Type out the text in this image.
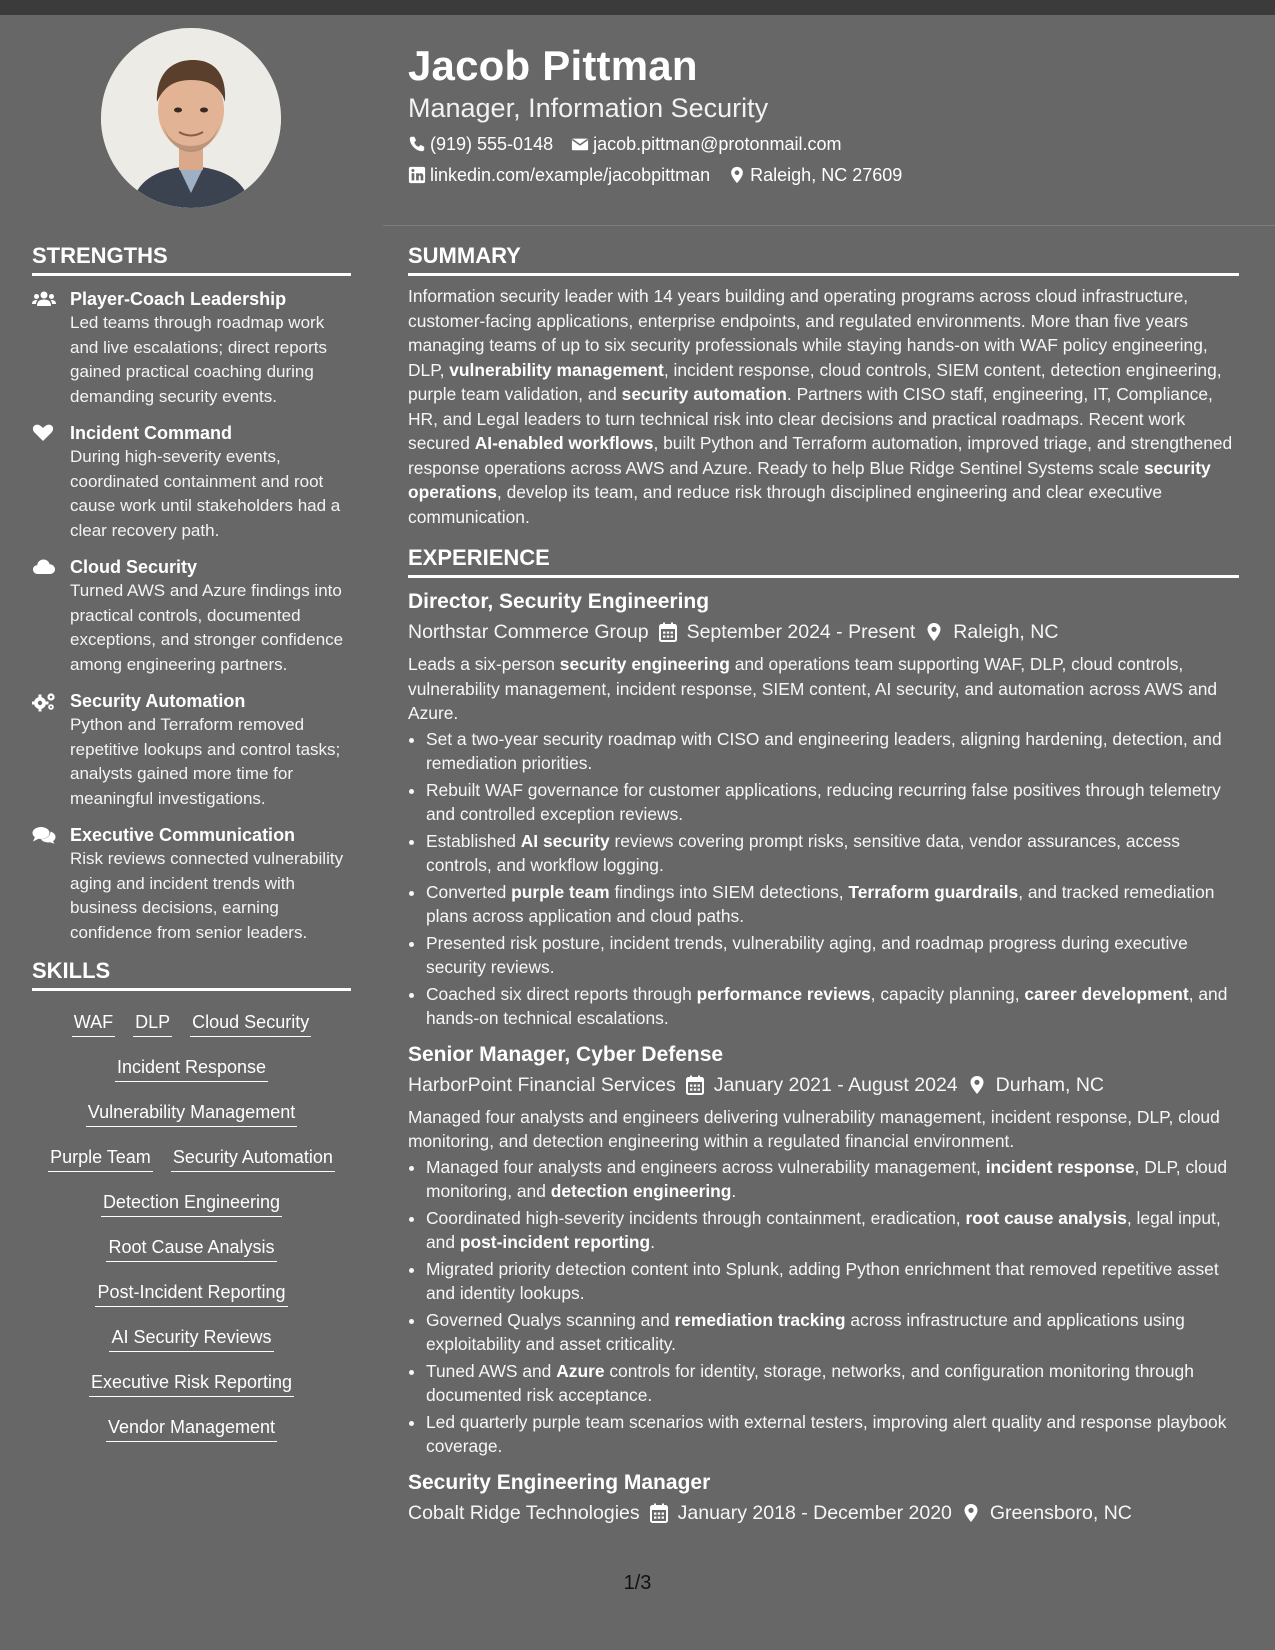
Jacob Pittman
Manager, Information Security
(919) 555-0148 jacob.pittman@protonmail.com
linkedin.com/example/jacobpittman Raleigh, NC 27609
STRENGTHS
Player-Coach Leadership
Led teams through roadmap work and live escalations; direct reports gained practical coaching during demanding security events.
Incident Command
During high-severity events, coordinated containment and root cause work until stakeholders had a clear recovery path.
Cloud Security
Turned AWS and Azure findings into practical controls, documented exceptions, and stronger confidence among engineering partners.
Security Automation
Python and Terraform removed repetitive lookups and control tasks; analysts gained more time for meaningful investigations.
Executive Communication
Risk reviews connected vulnerability aging and incident trends with business decisions, earning confidence from senior leaders.
SKILLS
WAF DLP Cloud Security
Incident Response
Vulnerability Management
Purple Team Security Automation
Detection Engineering
Root Cause Analysis
Post-Incident Reporting
AI Security Reviews
Executive Risk Reporting
Vendor Management
SUMMARY
Information security leader with 14 years building and operating programs across cloud infrastructure, customer-facing applications, enterprise endpoints, and regulated environments. More than five years managing teams of up to six security professionals while staying hands-on with WAF policy engineering, DLP, vulnerability management, incident response, cloud controls, SIEM content, detection engineering, purple team validation, and security automation. Partners with CISO staff, engineering, IT, Compliance, HR, and Legal leaders to turn technical risk into clear decisions and practical roadmaps. Recent work secured AI-enabled workflows, built Python and Terraform automation, improved triage, and strengthened response operations across AWS and Azure. Ready to help Blue Ridge Sentinel Systems scale security operations, develop its team, and reduce risk through disciplined engineering and clear executive communication.
EXPERIENCE
Director, Security Engineering
Northstar Commerce Group September 2024 - Present Raleigh, NC
Leads a six-person security engineering and operations team supporting WAF, DLP, cloud controls, vulnerability management, incident response, SIEM content, AI security, and automation across AWS and Azure.
• Set a two-year security roadmap with CISO and engineering leaders, aligning hardening, detection, and remediation priorities.
• Rebuilt WAF governance for customer applications, reducing recurring false positives through telemetry and controlled exception reviews.
• Established AI security reviews covering prompt risks, sensitive data, vendor assurances, access controls, and workflow logging.
• Converted purple team findings into SIEM detections, Terraform guardrails, and tracked remediation plans across application and cloud paths.
• Presented risk posture, incident trends, vulnerability aging, and roadmap progress during executive security reviews.
• Coached six direct reports through performance reviews, capacity planning, career development, and hands-on technical escalations.
Senior Manager, Cyber Defense
HarborPoint Financial Services January 2021 - August 2024 Durham, NC
Managed four analysts and engineers delivering vulnerability management, incident response, DLP, cloud monitoring, and detection engineering within a regulated financial environment.
• Managed four analysts and engineers across vulnerability management, incident response, DLP, cloud monitoring, and detection engineering.
• Coordinated high-severity incidents through containment, eradication, root cause analysis, legal input, and post-incident reporting.
• Migrated priority detection content into Splunk, adding Python enrichment that removed repetitive asset and identity lookups.
• Governed Qualys scanning and remediation tracking across infrastructure and applications using exploitability and asset criticality.
• Tuned AWS and Azure controls for identity, storage, networks, and configuration monitoring through documented risk acceptance.
• Led quarterly purple team scenarios with external testers, improving alert quality and response playbook coverage.
Security Engineering Manager
Cobalt Ridge Technologies January 2018 - December 2020 Greensboro, NC
1/3
